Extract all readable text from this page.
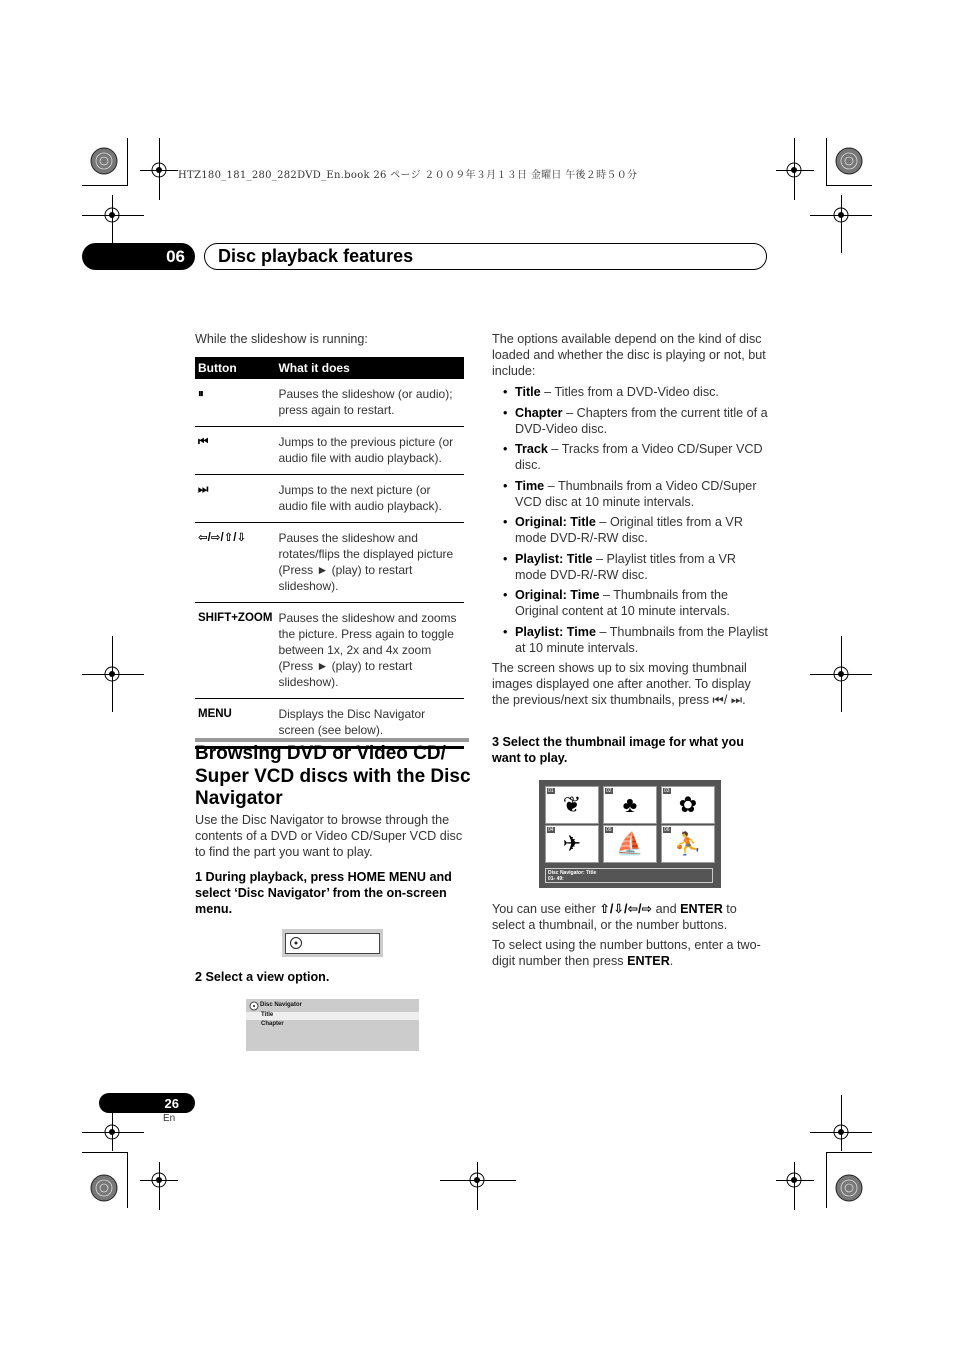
HTZ180_181_280_282DVD_En.book 26 ページ ２００９年３月１３日 金曜日 午後２時５０分
06	Disc playback features
While the slideshow is running:
Button	What it does
⏸	Pauses the slideshow (or audio); press again to restart.
⏮	Jumps to the previous picture (or audio file with audio playback).
⏭	Jumps to the next picture (or audio file with audio playback).
⇦/⇨/⇧/⇩	Pauses the slideshow and rotates/flips the displayed picture (Press ► (play) to restart slideshow).
SHIFT+ZOOM	Pauses the slideshow and zooms the picture. Press again to toggle between 1x, 2x and 4x zoom (Press ► (play) to restart slideshow).
MENU	Displays the Disc Navigator screen (see below).
Browsing DVD or Video CD/ Super VCD discs with the Disc Navigator
Use the Disc Navigator to browse through the contents of a DVD or Video CD/Super VCD disc to find the part you want to play.
1 During playback, press HOME MENU and select ‘Disc Navigator’ from the on-screen menu.
2 Select a view option.
Disc Navigator
Title
Chapter
The options available depend on the kind of disc loaded and whether the disc is playing or not, but include:
• Title – Titles from a DVD-Video disc.
• Chapter – Chapters from the current title of a DVD-Video disc.
• Track – Tracks from a Video CD/Super VCD disc.
• Time – Thumbnails from a Video CD/Super VCD disc at 10 minute intervals.
• Original: Title – Original titles from a VR mode DVD-R/-RW disc.
• Playlist: Title – Playlist titles from a VR mode DVD-R/-RW disc.
• Original: Time – Thumbnails from the Original content at 10 minute intervals.
• Playlist: Time – Thumbnails from the Playlist at 10 minute intervals.
The screen shows up to six moving thumbnail images displayed one after another. To display the previous/next six thumbnails, press ⏮/ ⏭.
3 Select the thumbnail image for what you want to play.
01
❦
02
♣
03
✿
04
✈
05
⛵
06
⛹
Disc Navigator: Title
01- 49:
You can use either ⇧/⇩/⇦/⇨ and ENTER to select a thumbnail, or the number buttons.
To select using the number buttons, enter a two-digit number then press ENTER.
26
En
